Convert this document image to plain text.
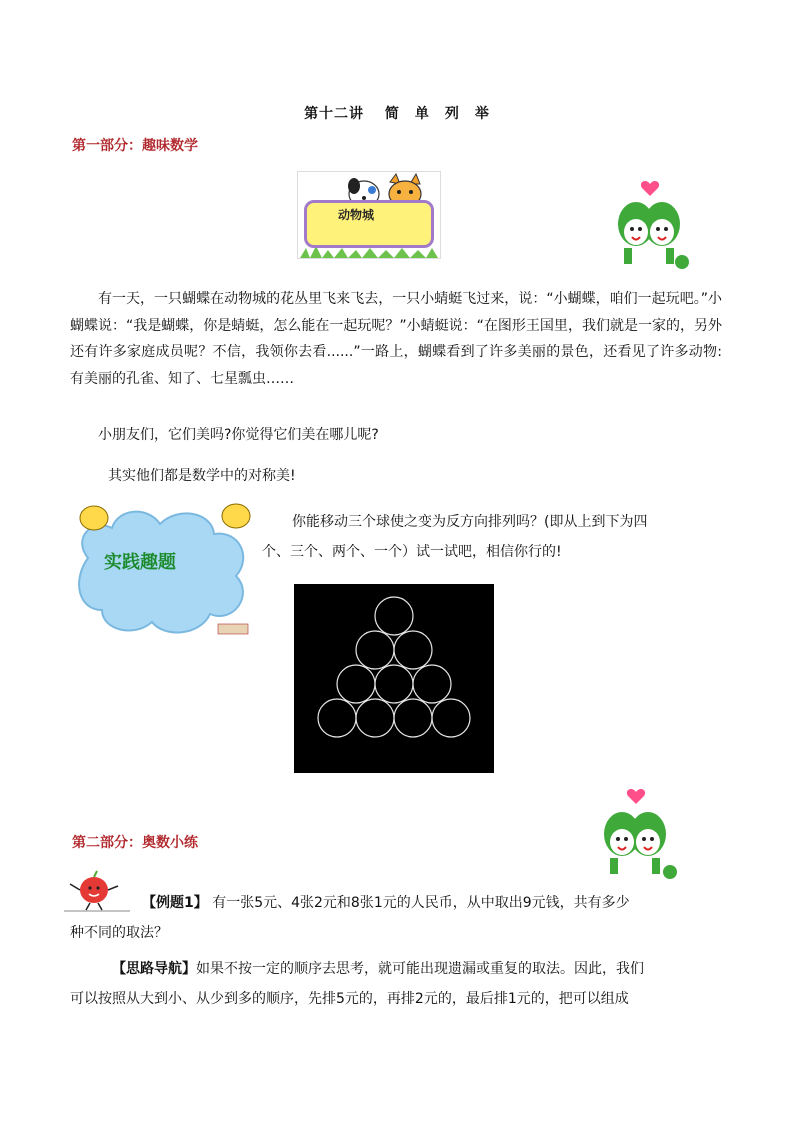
第十二讲　 简　单　列　举
第一部分：趣味数学
动物城
有一天，一只蝴蝶在动物城的花丛里飞来飞去，一只小蜻蜓飞过来，说：“小蝴蝶，咱们一起玩吧。”小蝴蝶说：“我是蝴蝶，你是蜻蜓，怎么能在一起玩呢？”小蜻蜓说：“在图形王国里，我们就是一家的，另外还有许多家庭成员呢？不信，我领你去看......”一路上，蝴蝶看到了许多美丽的景色，还看见了许多动物:有美丽的孔雀、知了、七星瓢虫……
小朋友们，它们美吗?你觉得它们美在哪儿呢?
其实他们都是数学中的对称美!
实践趣题
你能移动三个球使之变为反方向排列吗？(即从上到下为四
个、三个、两个、一个）试一试吧，相信你行的!
第二部分：奥数小练
【例题1】 有一张5元、4张2元和8张1元的人民币，从中取出9元钱，共有多少
种不同的取法？
【思路导航】如果不按一定的顺序去思考，就可能出现遗漏或重复的取法。因此，我们
可以按照从大到小、从少到多的顺序，先排5元的，再排2元的，最后排1元的，把可以组成
